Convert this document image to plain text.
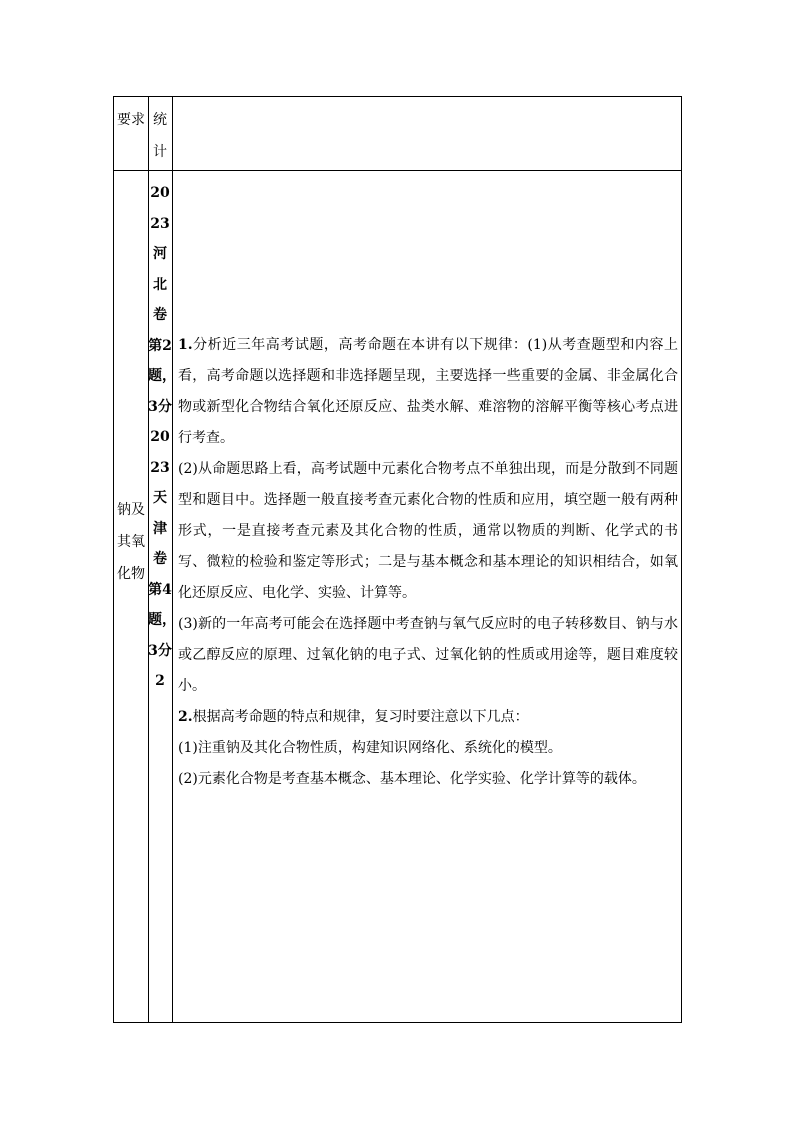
要求 统计
钠及其氧化物
2023河北卷第2题，3分2023天津卷第4题，3分2

1.分析近三年高考试题，高考命题在本讲有以下规律：(1)从考查题型和内容上看，高考命题以选择题和非选择题呈现，主要选择一些重要的金属、非金属化合物或新型化合物结合氧化还原反应、盐类水解、难溶物的溶解平衡等核心考点进行考查。

(2)从命题思路上看，高考试题中元素化合物考点不单独出现，而是分散到不同题型和题目中。选择题一般直接考查元素化合物的性质和应用，填空题一般有两种形式，一是直接考查元素及其化合物的性质，通常以物质的判断、化学式的书写、微粒的检验和鉴定等形式；二是与基本概念和基本理论的知识相结合，如氧化还原反应、电化学、实验、计算等。

(3)新的一年高考可能会在选择题中考查钠与氧气反应时的电子转移数目、钠与水或乙醇反应的原理、过氧化钠的电子式、过氧化钠的性质或用途等，题目难度较小。

2.根据高考命题的特点和规律，复习时要注意以下几点：

(1)注重钠及其化合物性质，构建知识网络化、系统化的模型。

(2)元素化合物是考查基本概念、基本理论、化学实验、化学计算等的载体。
